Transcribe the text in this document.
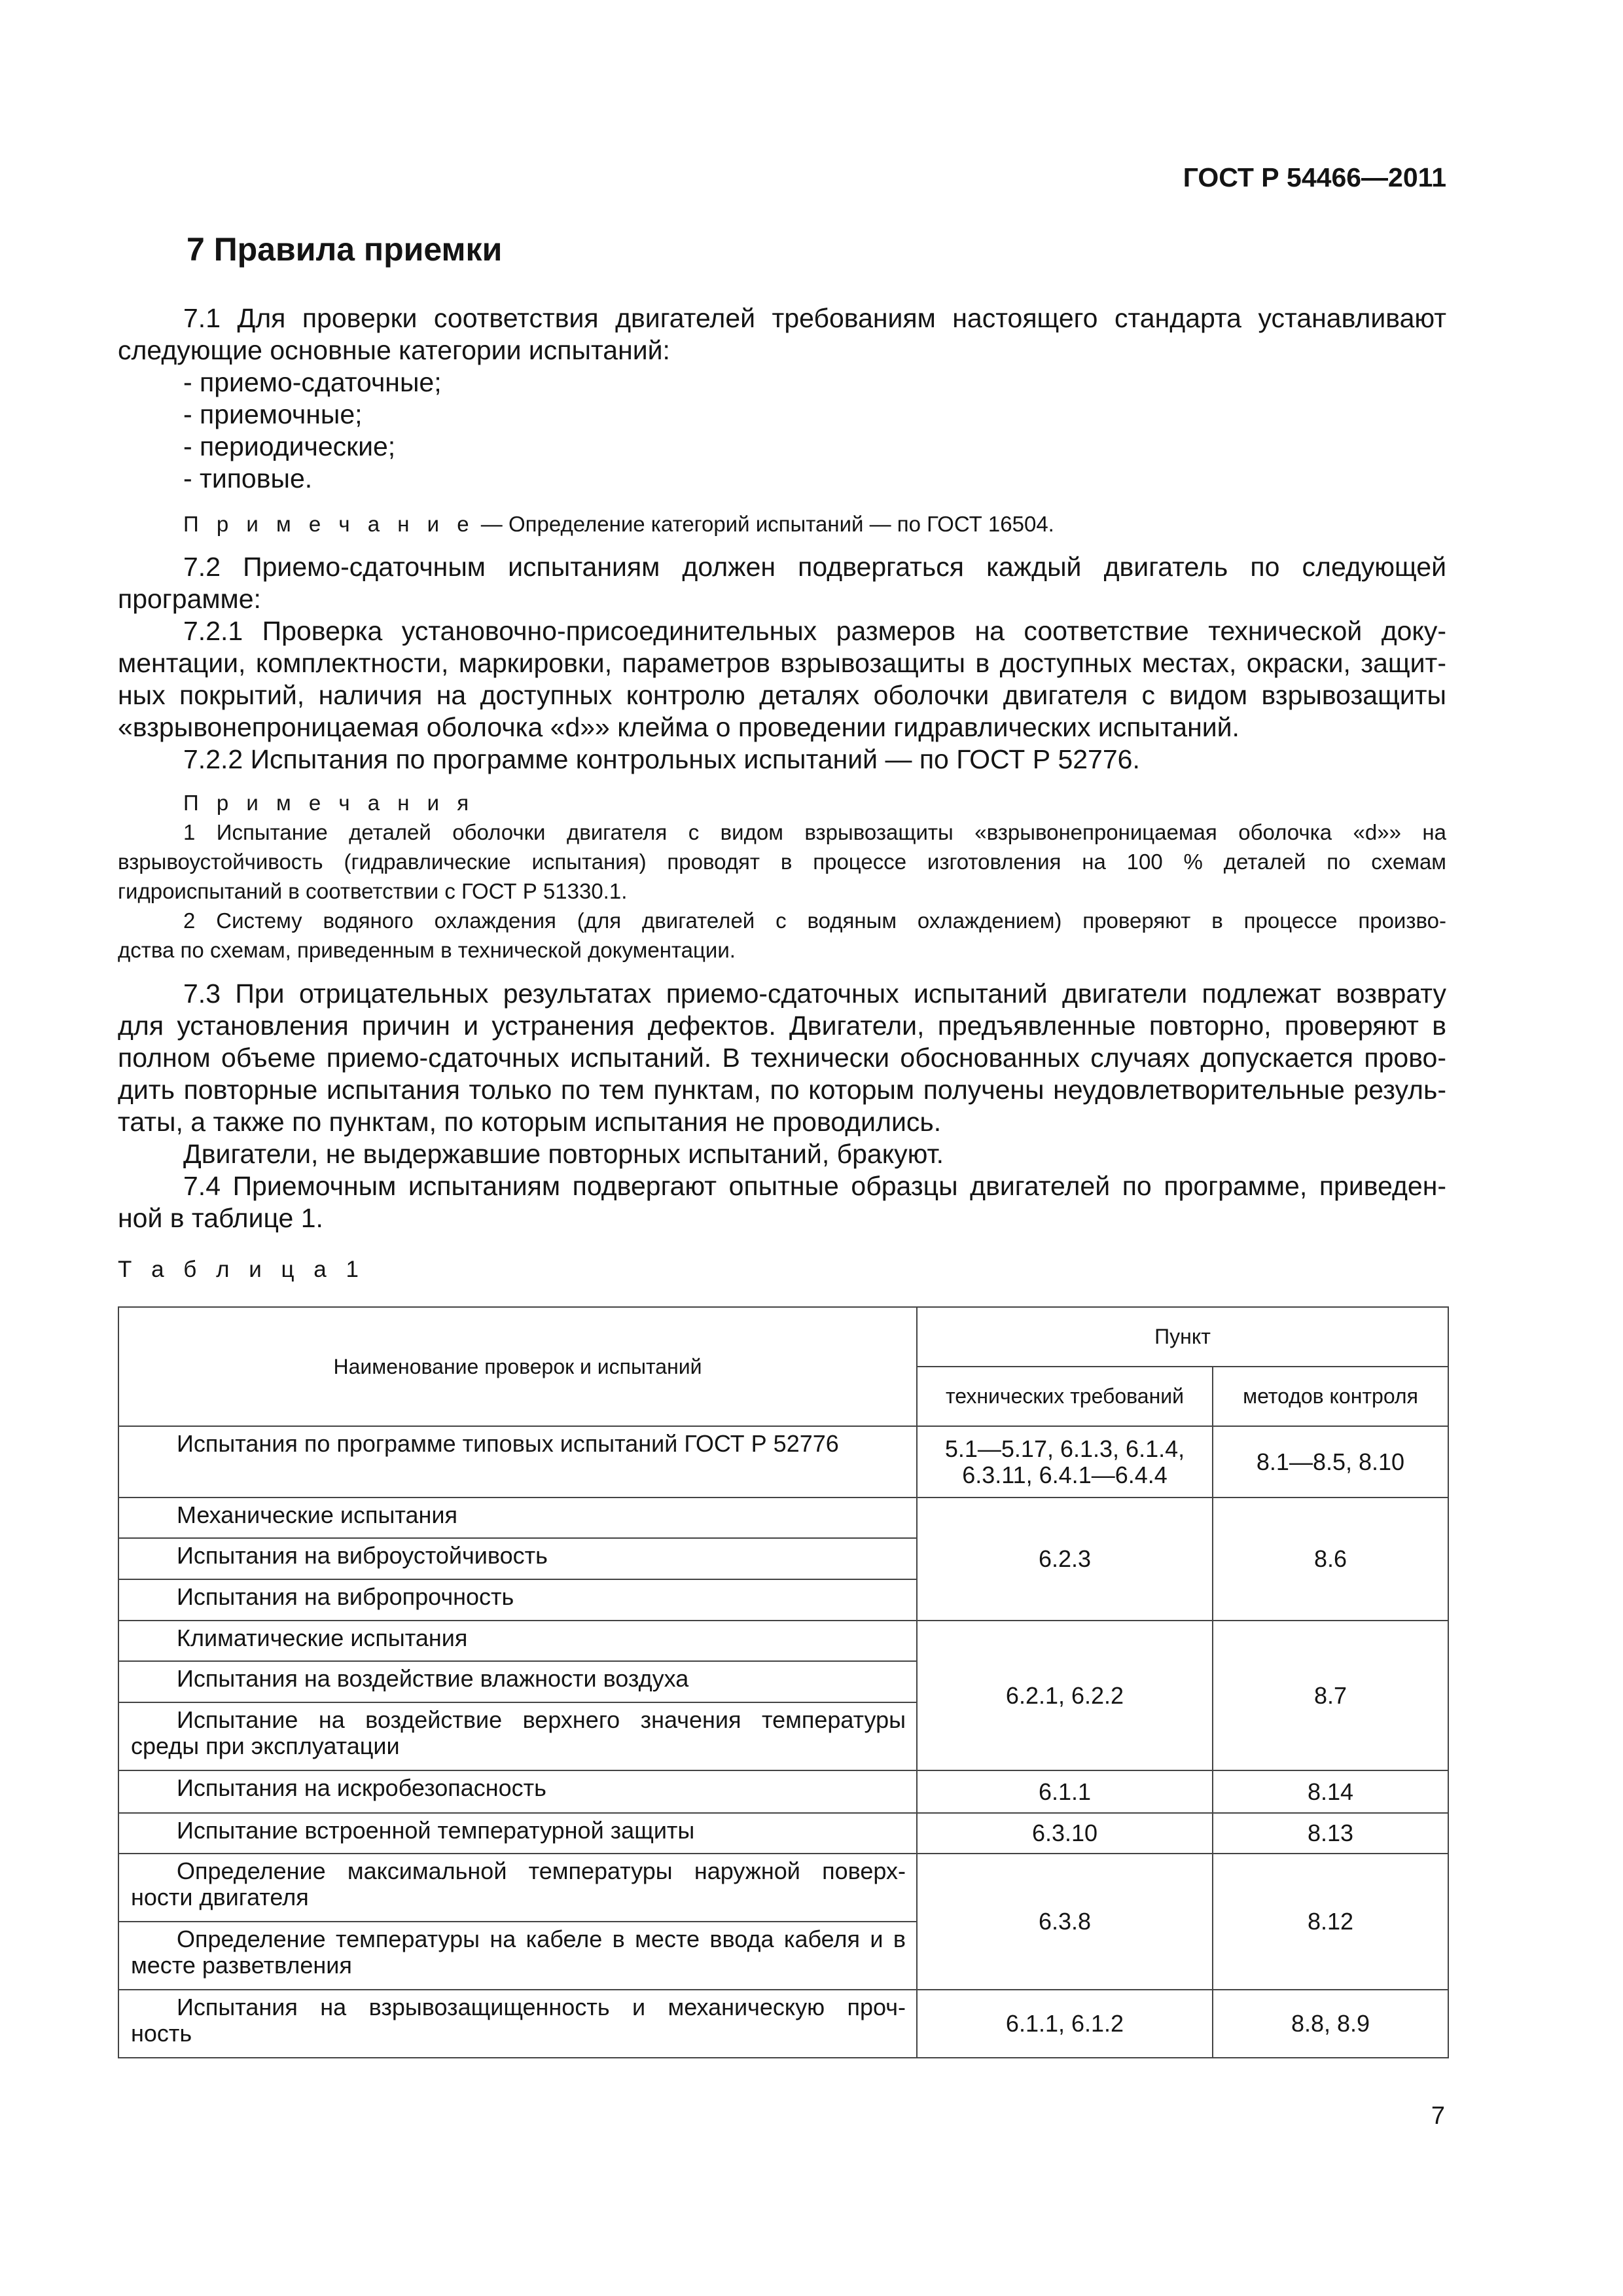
ГОСТ Р 54466—2011
7 Правила приемки
7.1 Для проверки соответствия двигателей требованиям настоящего стандарта устанавливают
следующие основные категории испытаний:
- приемо-сдаточные;
- приемочные;
- периодические;
- типовые.
П р и м е ч а н и е — Определение категорий испытаний — по ГОСТ 16504.
7.2 Приемо-сдаточным испытаниям должен подвергаться каждый двигатель по следующей
программе:
7.2.1 Проверка установочно-присоединительных размеров на соответствие технической доку-
ментации, комплектности, маркировки, параметров взрывозащиты в доступных местах, окраски, защит-
ных покрытий, наличия на доступных контролю деталях оболочки двигателя с видом взрывозащиты
«взрывонепроницаемая оболочка «d»» клейма о проведении гидравлических испытаний.
7.2.2 Испытания по программе контрольных испытаний — по ГОСТ Р 52776.
П р и м е ч а н и я
1 Испытание деталей оболочки двигателя с видом взрывозащиты «взрывонепроницаемая оболочка «d»» на
взрывоустойчивость (гидравлические испытания) проводят в процессе изготовления на 100 % деталей по схемам
гидроиспытаний в соответствии с ГОСТ Р 51330.1.
2 Систему водяного охлаждения (для двигателей с водяным охлаждением) проверяют в процессе произво-
дства по схемам, приведенным в технической документации.
7.3 При отрицательных результатах приемо-сдаточных испытаний двигатели подлежат возврату
для установления причин и устранения дефектов. Двигатели, предъявленные повторно, проверяют в
полном объеме приемо-сдаточных испытаний. В технически обоснованных случаях допускается прово-
дить повторные испытания только по тем пунктам, по которым получены неудовлетворительные резуль-
таты, а также по пунктам, по которым испытания не проводились.
Двигатели, не выдержавшие повторных испытаний, бракуют.
7.4 Приемочным испытаниям подвергают опытные образцы двигателей по программе, приведен-
ной в таблице 1.
Т а б л и ц а 1
Наименование проверок и испытаний	Пункт	
	технических требований	методов контроля

Испытания по программе типовых испытаний ГОСТ Р 52776	5.1—5.17, 6.1.3, 6.1.4,
6.3.11, 6.4.1—6.4.4	8.1—8.5, 8.10

Механические испытания	6.2.3	8.6

Испытания на виброустойчивость		

Испытания на вибропрочность		

Климатические испытания	6.2.1, 6.2.2	8.7

Испытания на воздействие влажности воздуха		

Испытание на воздействие верхнего значения температуры
среды при эксплуатации		

Испытания на искробезопасность	6.1.1	8.14

Испытание встроенной температурной защиты	6.3.10	8.13

Определение максимальной температуры наружной поверх-
ности двигателя	6.3.8	8.12

Определение температуры на кабеле в месте ввода кабеля и в
месте разветвления		

Испытания на взрывозащищенность и механическую проч-
ность	6.1.1, 6.1.2	8.8, 8.9
7
